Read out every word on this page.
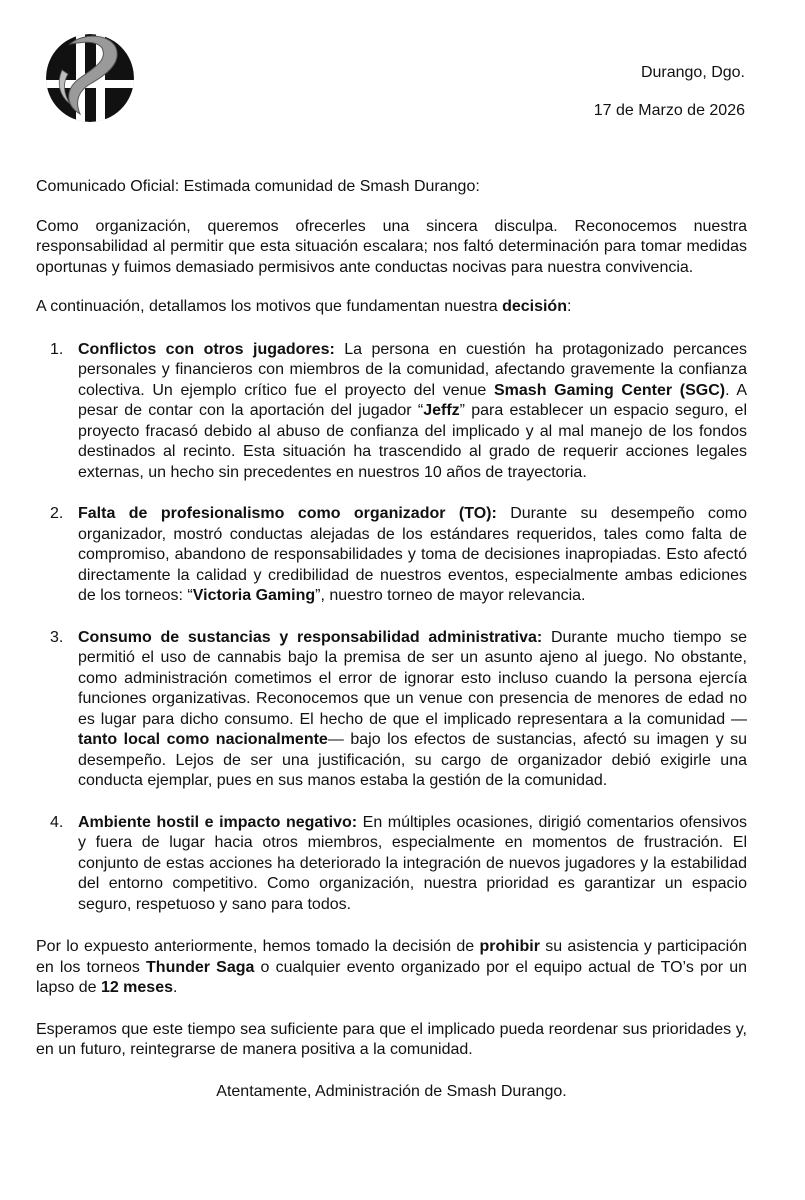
Durango, Dgo.
17 de Marzo de 2026

Comunicado Oficial: Estimada comunidad de Smash Durango:

Como organización, queremos ofrecerles una sincera disculpa. Reconocemos nuestra responsabilidad al permitir que esta situación escalara; nos faltó determinación para tomar medidas oportunas y fuimos demasiado permisivos ante conductas nocivas para nuestra convivencia.

A continuación, detallamos los motivos que fundamentan nuestra decisión:

1. Conflictos con otros jugadores: La persona en cuestión ha protagonizado percances personales y financieros con miembros de la comunidad, afectando gravemente la confianza colectiva. Un ejemplo crítico fue el proyecto del venue Smash Gaming Center (SGC). A pesar de contar con la aportación del jugador “Jeffz” para establecer un espacio seguro, el proyecto fracasó debido al abuso de confianza del implicado y al mal manejo de los fondos destinados al recinto. Esta situación ha trascendido al grado de requerir acciones legales externas, un hecho sin precedentes en nuestros 10 años de trayectoria.
2. Falta de profesionalismo como organizador (TO): Durante su desempeño como organizador, mostró conductas alejadas de los estándares requeridos, tales como falta de compromiso, abandono de responsabilidades y toma de decisiones inapropiadas. Esto afectó directamente la calidad y credibilidad de nuestros eventos, especialmente ambas ediciones de los torneos: “Victoria Gaming”, nuestro torneo de mayor relevancia.
3. Consumo de sustancias y responsabilidad administrativa: Durante mucho tiempo se permitió el uso de cannabis bajo la premisa de ser un asunto ajeno al juego. No obstante, como administración cometimos el error de ignorar esto incluso cuando la persona ejercía funciones organizativas. Reconocemos que un venue con presencia de menores de edad no es lugar para dicho consumo. El hecho de que el implicado representara a la comunidad —tanto local como nacionalmente— bajo los efectos de sustancias, afectó su imagen y su desempeño. Lejos de ser una justificación, su cargo de organizador debió exigirle una conducta ejemplar, pues en sus manos estaba la gestión de la comunidad.
4. Ambiente hostil e impacto negativo: En múltiples ocasiones, dirigió comentarios ofensivos y fuera de lugar hacia otros miembros, especialmente en momentos de frustración. El conjunto de estas acciones ha deteriorado la integración de nuevos jugadores y la estabilidad del entorno competitivo. Como organización, nuestra prioridad es garantizar un espacio seguro, respetuoso y sano para todos.

Por lo expuesto anteriormente, hemos tomado la decisión de prohibir su asistencia y participación en los torneos Thunder Saga o cualquier evento organizado por el equipo actual de TO’s por un lapso de 12 meses.

Esperamos que este tiempo sea suficiente para que el implicado pueda reordenar sus prioridades y, en un futuro, reintegrarse de manera positiva a la comunidad.

Atentamente, Administración de Smash Durango.
